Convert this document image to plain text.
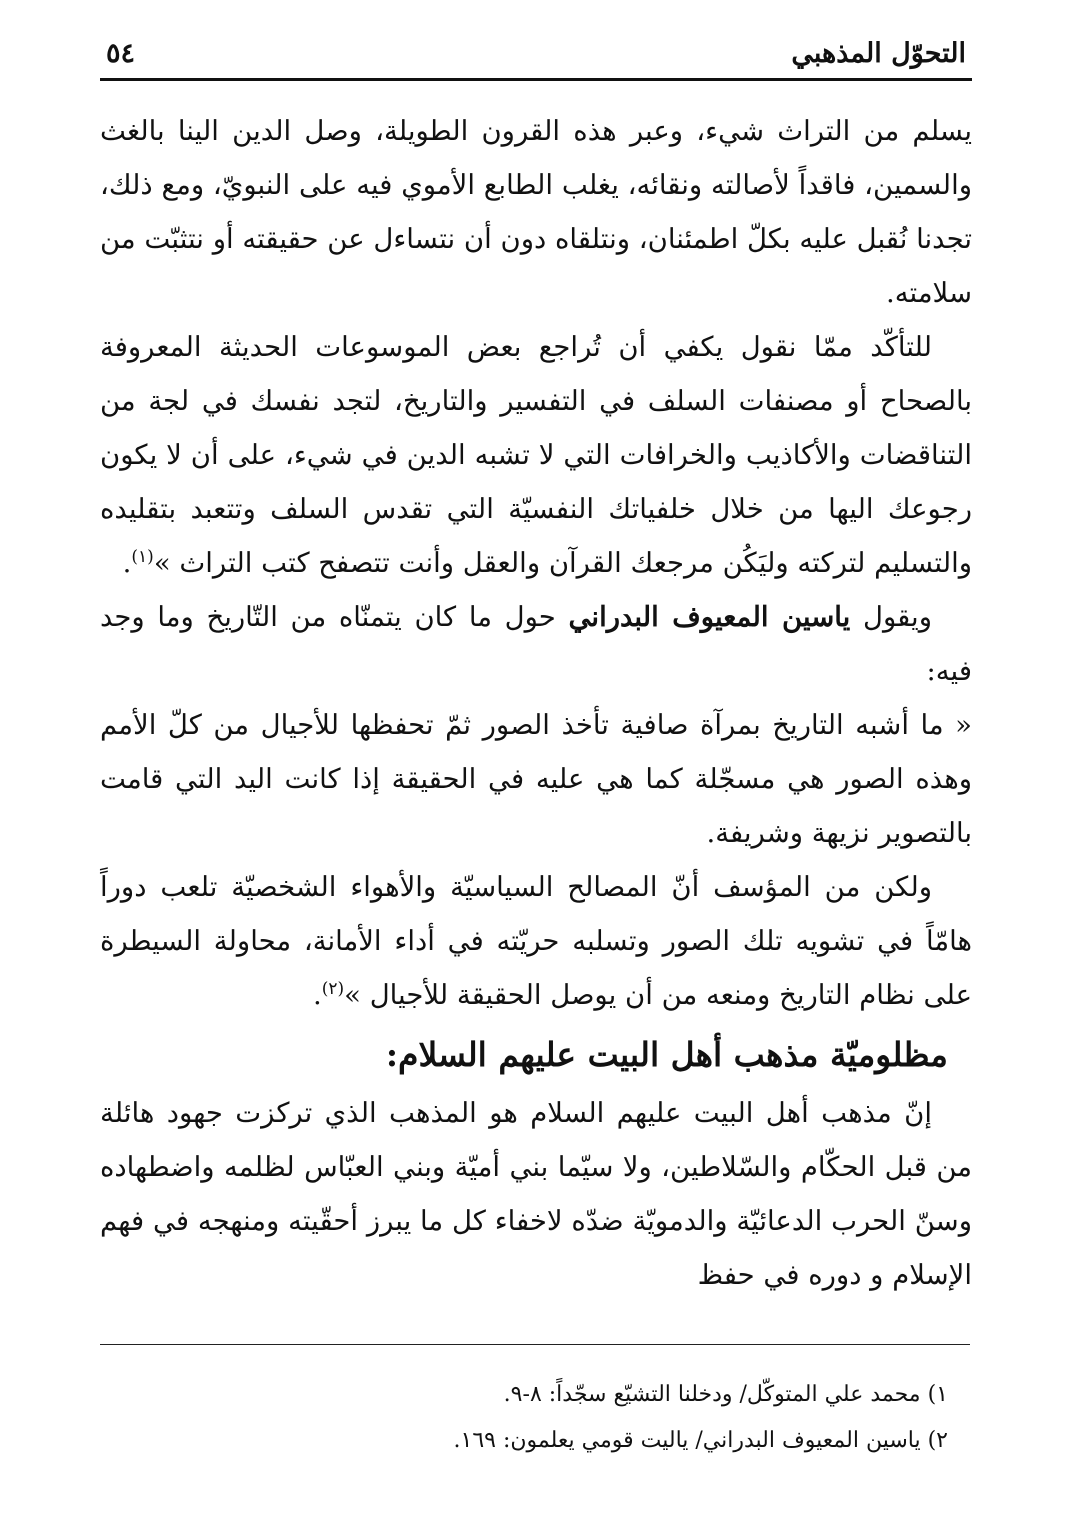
التحوّل المذهبي
٥٤

يسلم من التراث شيء، وعبر هذه القرون الطويلة، وصل الدين الينا بالغث والسمين، فاقداً لأصالته ونقائه، يغلب الطابع الأموي فيه على النبويّ، ومع ذلك، تجدنا نُقبل عليه بكلّ اطمئنان، ونتلقاه دون أن نتساءل عن حقيقته أو نتثبّت من سلامته.

للتأكّد ممّا نقول يكفي أن تُراجع بعض الموسوعات الحديثة المعروفة بالصحاح أو مصنفات السلف في التفسير والتاريخ، لتجد نفسك في لجة من التناقضات والأكاذيب والخرافات التي لا تشبه الدين في شيء، على أن لا يكون رجوعك اليها من خلال خلفياتك النفسيّة التي تقدس السلف وتتعبد بتقليده والتسليم لتركته وليَكُن مرجعك القرآن والعقل وأنت تتصفح كتب التراث »$^{(١)}$.

ويقول ياسين المعيوف البدراني حول ما كان يتمنّاه من التّاريخ وما وجد فيه:

« ما أشبه التاريخ بمرآة صافية تأخذ الصور ثمّ تحفظها للأجيال من كلّ الأمم وهذه الصور هي مسجّلة كما هي عليه في الحقيقة إذا كانت اليد التي قامت بالتصوير نزيهة وشريفة.

ولكن من المؤسف أنّ المصالح السياسيّة والأهواء الشخصيّة تلعب دوراً هامّاً في تشويه تلك الصور وتسلبه حريّته في أداء الأمانة، محاولة السيطرة على نظام التاريخ ومنعه من أن يوصل الحقيقة للأجيال »$^{(٢)}$.

مظلوميّة مذهب أهل البيت عليهم السلام:

إنّ مذهب أهل البيت عليهم السلام هو المذهب الذي تركزت جهود هائلة من قبل الحكّام والسّلاطين، ولا سيّما بني أميّة وبني العبّاس لظلمه واضطهاده وسنّ الحرب الدعائيّة والدمويّة ضدّه لاخفاء كل ما يبرز أحقّيته ومنهجه في فهم الإسلام و دوره في حفظ

١) محمد علي المتوكّل/ ودخلنا التشيّع سجّداً: ٨-٩.

٢) ياسين المعيوف البدراني/ ياليت قومي يعلمون: ١٦٩.
